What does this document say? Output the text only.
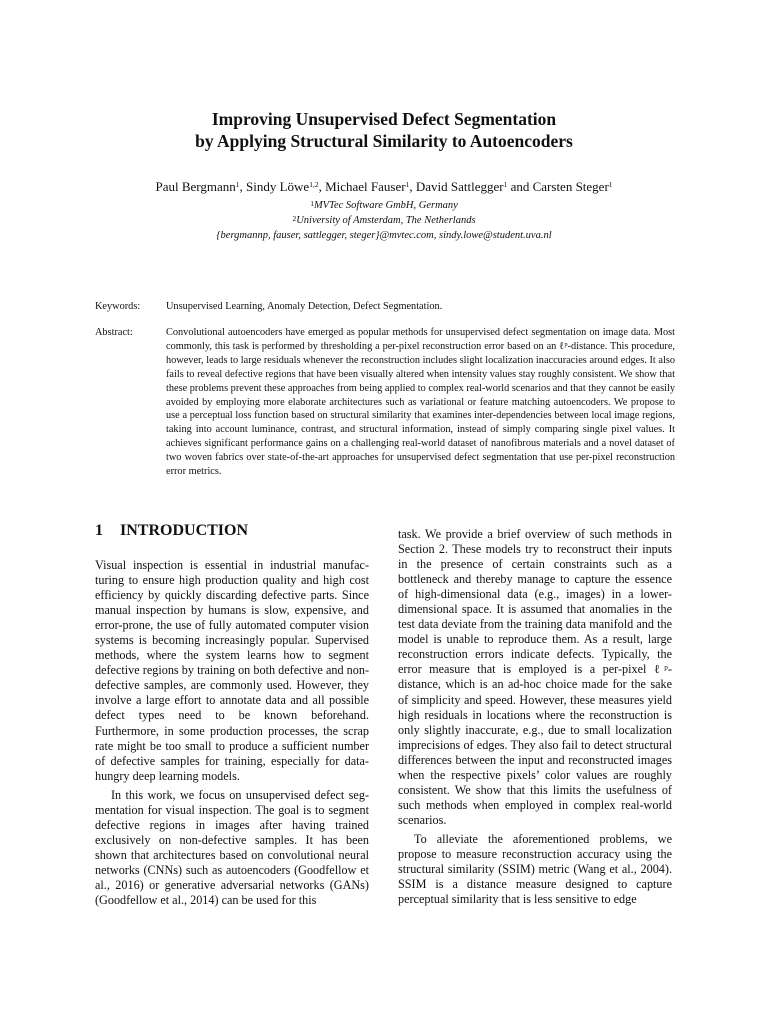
Improving Unsupervised Defect Segmentation
by Applying Structural Similarity to Autoencoders
Paul Bergmann$^1$, Sindy Löwe$^{1,2}$, Michael Fauser$^1$, David Sattlegger$^1$ and Carsten Steger$^1$
$^1$MVTec Software GmbH, Germany
$^2$University of Amsterdam, The Netherlands
{bergmannp, fauser, sattlegger, steger}@mvtec.com, sindy.lowe@student.uva.nl
Keywords:	Unsupervised Learning, Anomaly Detection, Defect Segmentation.
Abstract:	Convolutional autoencoders have emerged as popular methods for unsupervised defect segmentation on image data. Most commonly, this task is performed by thresholding a per-pixel reconstruction error based on an ℓᵖ-distance. This procedure, however, leads to large residuals whenever the reconstruction includes slight localization inaccuracies around edges. It also fails to reveal defective regions that have been visually altered when intensity values stay roughly consistent. We show that these problems prevent these approaches from being applied to complex real-world scenarios and that they cannot be easily avoided by employing more elaborate architectures such as variational or feature matching autoencoders. We propose to use a perceptual loss function based on structural similarity that examines inter-dependencies between local image regions, taking into account luminance, contrast, and structural information, instead of simply comparing single pixel values. It achieves significant performance gains on a challenging real-world dataset of nanofibrous materials and a novel dataset of two woven fabrics over state-of-the-art approaches for unsupervised defect segmentation that use per-pixel reconstruction error metrics.
1 INTRODUCTION

Visual inspection is essential in industrial manufacturing to ensure high production quality and high cost efficiency by quickly discarding defective parts. Since manual inspection by humans is slow, expensive, and error-prone, the use of fully automated computer vision systems is becoming increasingly popular. Supervised methods, where the system learns how to segment defective regions by training on both defective and non-defective samples, are commonly used. However, they involve a large effort to annotate data and all possible defect types need to be known beforehand. Furthermore, in some production processes, the scrap rate might be too small to produce a sufficient number of defective samples for training, especially for data-hungry deep learning models.

In this work, we focus on unsupervised defect segmentation for visual inspection. The goal is to segment defective regions in images after having trained exclusively on non-defective samples. It has been shown that architectures based on convolutional neural networks (CNNs) such as autoencoders (Goodfellow et al., 2016) or generative adversarial networks (GANs) (Goodfellow et al., 2014) can be used for this

task. We provide a brief overview of such methods in Section 2. These models try to reconstruct their inputs in the presence of certain constraints such as a bottleneck and thereby manage to capture the essence of high-dimensional data (e.g., images) in a lower-dimensional space. It is assumed that anomalies in the test data deviate from the training data manifold and the model is unable to reproduce them. As a result, large reconstruction errors indicate defects. Typically, the error measure that is employed is a per-pixel ℓᵖ-distance, which is an ad-hoc choice made for the sake of simplicity and speed. However, these measures yield high residuals in locations where the reconstruction is only slightly inaccurate, e.g., due to small localization imprecisions of edges. They also fail to detect structural differences between the input and reconstructed images when the respective pixels’ color values are roughly consistent. We show that this limits the usefulness of such methods when employed in complex real-world scenarios.

To alleviate the aforementioned problems, we propose to measure reconstruction accuracy using the structural similarity (SSIM) metric (Wang et al., 2004). SSIM is a distance measure designed to capture perceptual similarity that is less sensitive to edge
